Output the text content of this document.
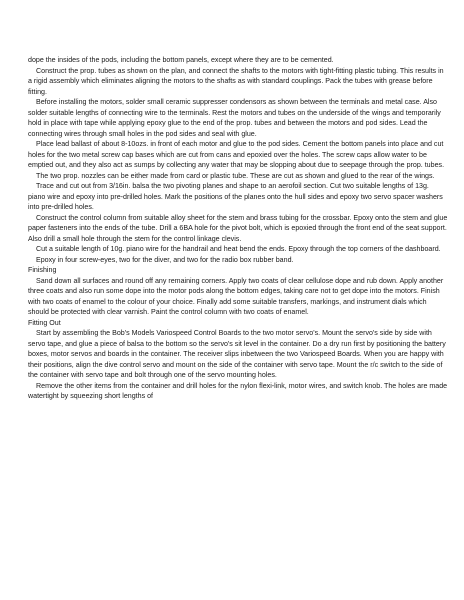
dope the insides of the pods, including the bottom panels, except where they are to be cemented.

Construct the prop. tubes as shown on the plan, and connect the shafts to the motors with tight-fitting plastic tubing. This results in a rigid assembly which eliminates aligning the motors to the shafts as with standard couplings. Pack the tubes with grease before fitting.

Before installing the motors, solder small ceramic suppresser condensors as shown between the terminals and metal case. Also solder suitable lengths of connecting wire to the terminals. Rest the motors and tubes on the underside of the wings and temporarily hold in place with tape while applying epoxy glue to the end of the prop. tubes and between the motors and pod sides. Lead the connecting wires through small holes in the pod sides and seal with glue.

Place lead ballast of about 8-10ozs. in front of each motor and glue to the pod sides. Cement the bottom panels into place and cut holes for the two metal screw cap bases which are cut from cans and epoxied over the holes. The screw caps allow water to be emptied out, and they also act as sumps by collecting any water that may be slopping about due to seepage through the prop. tubes.

The two prop. nozzles can be either made from card or plastic tube. These are cut as shown and glued to the rear of the wings.

Trace and cut out from 3/16in. balsa the two pivoting planes and shape to an aerofoil section. Cut two suitable lengths of 13g. piano wire and epoxy into pre-drilled holes. Mark the positions of the planes onto the hull sides and epoxy two servo spacer washers into pre-drilled holes.

Construct the control column from suitable alloy sheet for the stem and brass tubing for the crossbar. Epoxy onto the stem and glue paper fasteners into the ends of the tube. Drill a 6BA hole for the pivot bolt, which is epoxied through the front end of the seat support. Also drill a small hole through the stem for the control linkage clevis.

Cut a suitable length of 10g. piano wire for the handrail and heat bend the ends. Epoxy through the top corners of the dashboard.

Epoxy in four screw-eyes, two for the diver, and two for the radio box rubber band.

Finishing

Sand down all surfaces and round off any remaining corners. Apply two coats of clear cellulose dope and rub down. Apply another three coats and also run some dope into the motor pods along the bottom edges, taking care not to get dope into the motors. Finish with two coats of enamel to the colour of your choice. Finally add some suitable transfers, markings, and instrument dials which should be protected with clear varnish. Paint the control column with two coats of enamel.

Fitting Out

Start by assembling the Bob's Models Variospeed Control Boards to the two motor servo's. Mount the servo's side by side with servo tape, and glue a piece of balsa to the bottom so the servo's sit level in the container. Do a dry run first by positioning the battery boxes, motor servos and boards in the container. The receiver slips inbetween the two Variospeed Boards. When you are happy with their positions, align the dive control servo and mount on the side of the container with servo tape. Mount the r/c switch to the side of the container with servo tape and bolt through one of the servo mounting holes.

Remove the other items from the container and drill holes for the nylon flexi-link, motor wires, and switch knob. The holes are made watertight by squeezing short lengths of
